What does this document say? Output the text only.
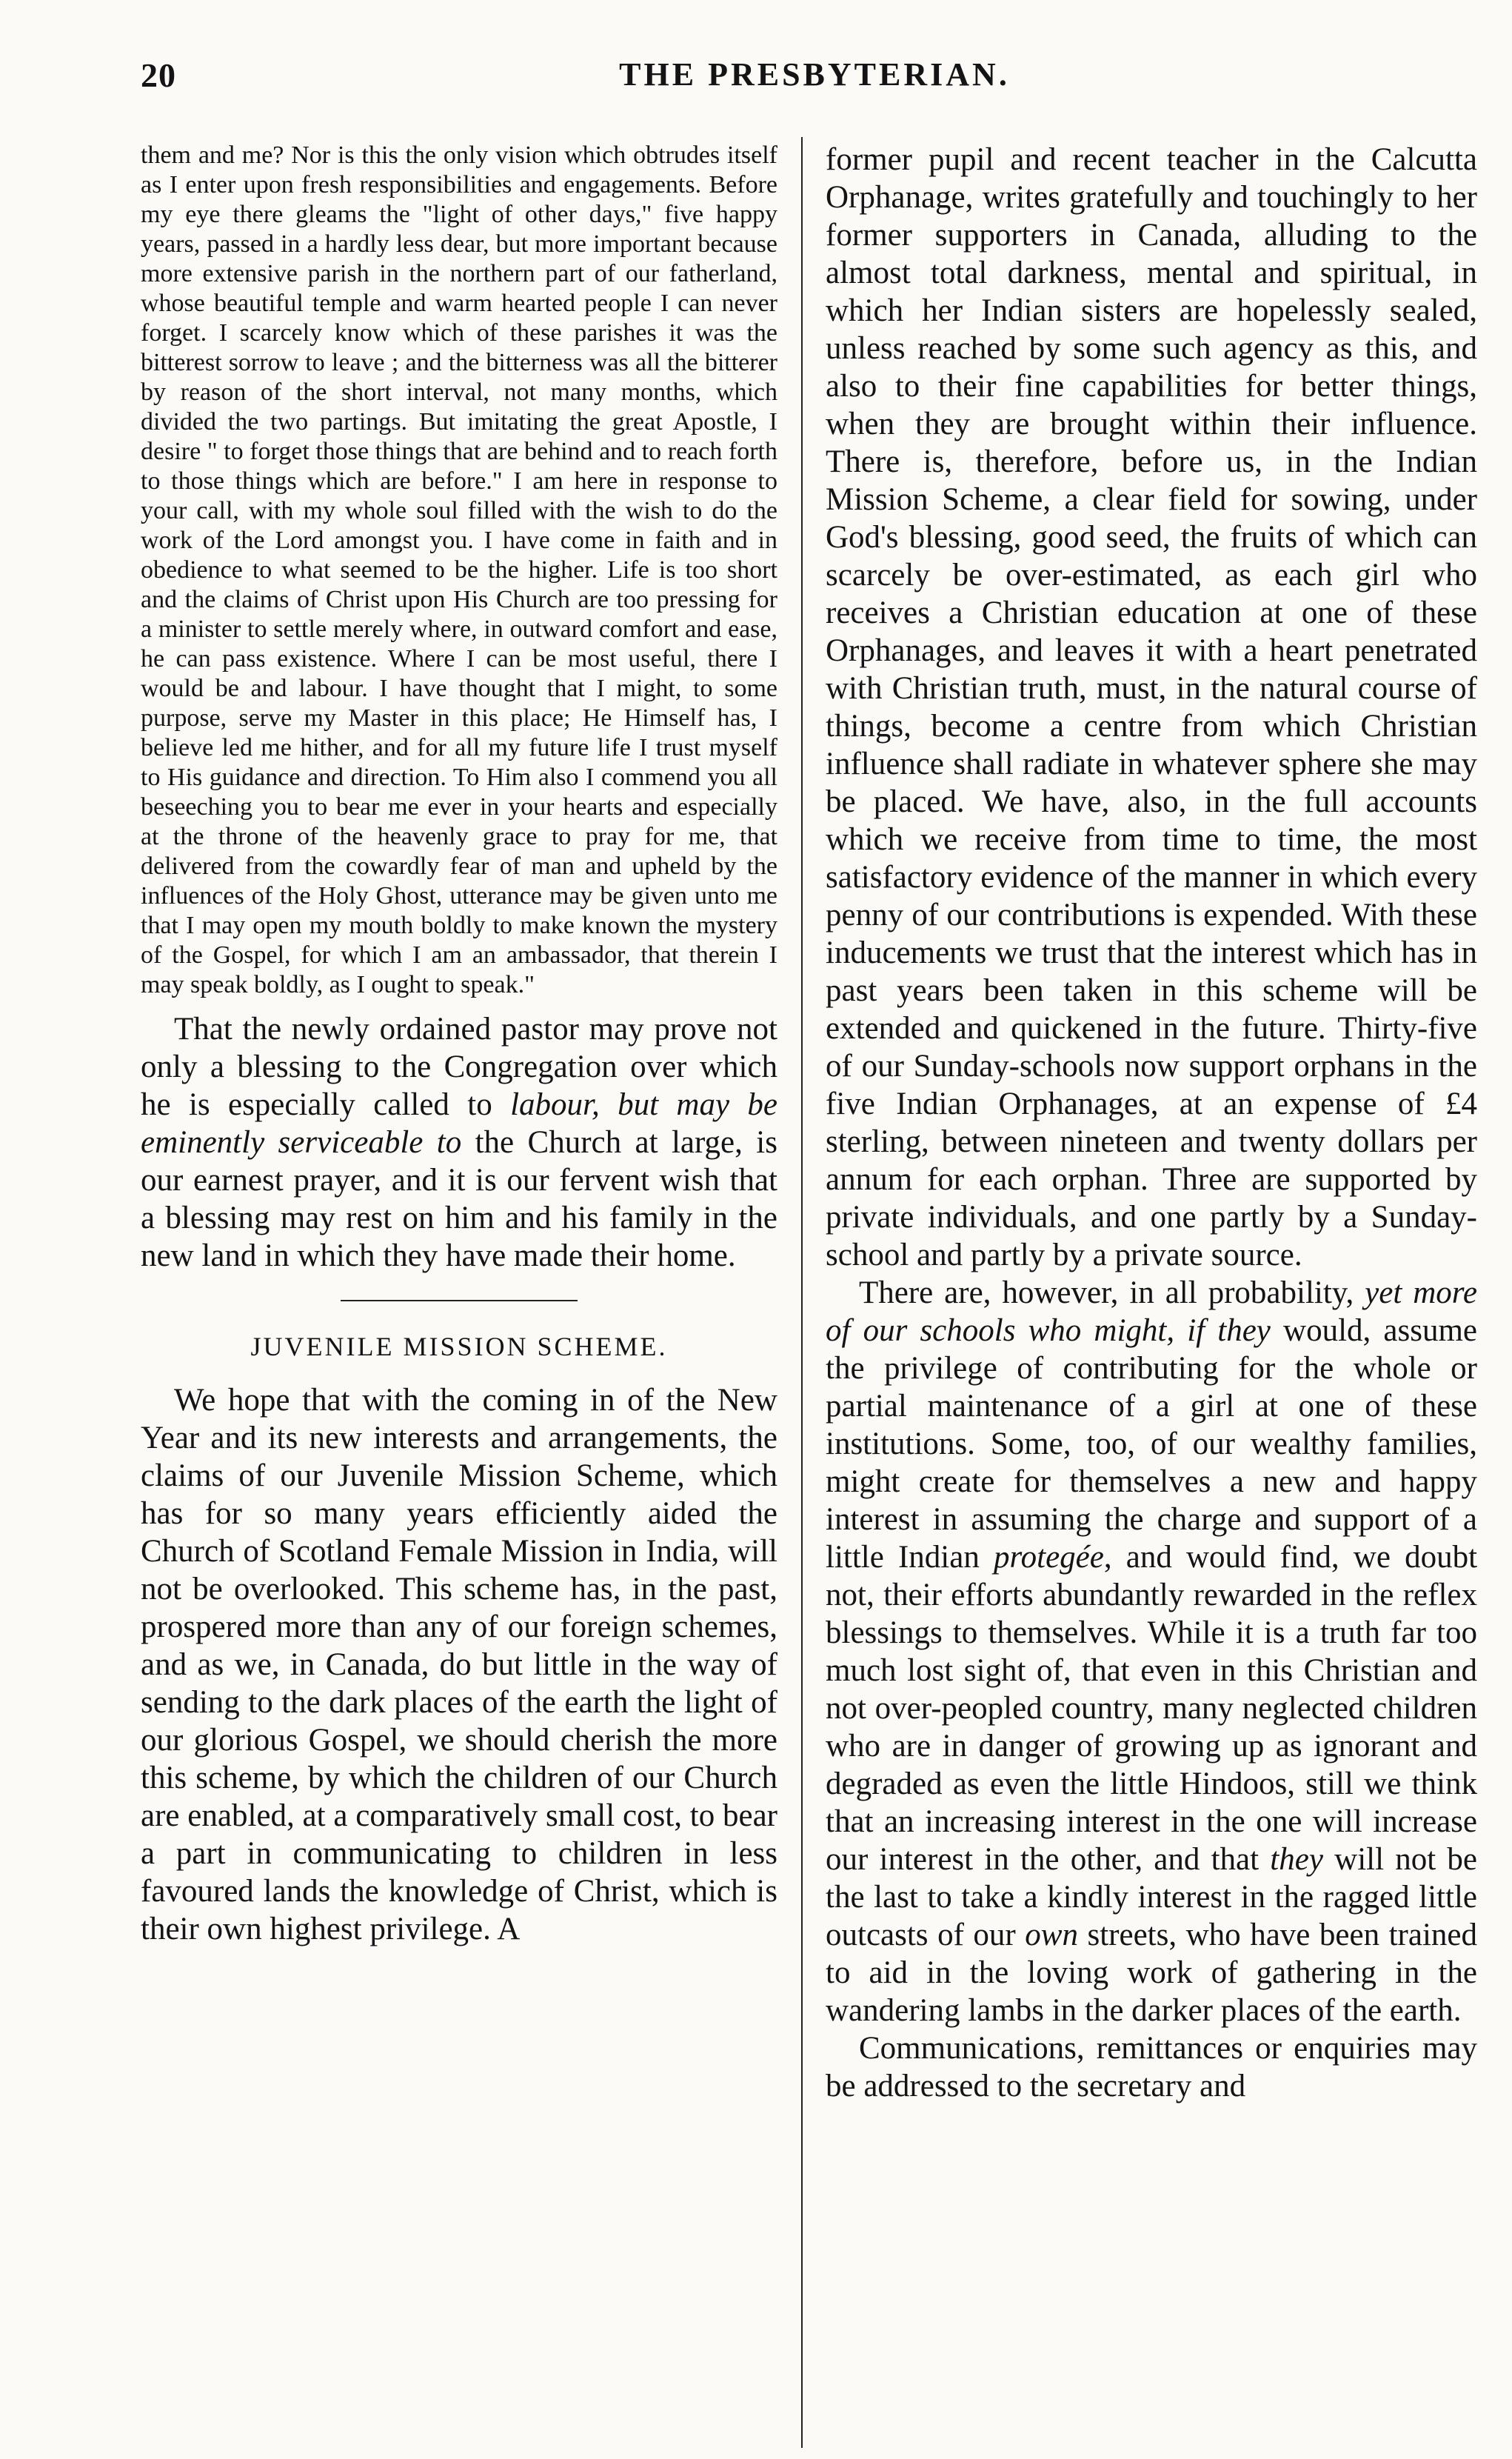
20	THE PRESBYTERIAN.

them and me? Nor is this the only vision which obtrudes itself as I enter upon fresh responsibilities and engagements. Before my eye there gleams the "light of other days," five happy years, passed in a hardly less dear, but more important because more extensive parish in the northern part of our fatherland, whose beautiful temple and warm hearted people I can never forget. I scarcely know which of these parishes it was the bitterest sorrow to leave ; and the bitterness was all the bitterer by reason of the short interval, not many months, which divided the two partings. But imitating the great Apostle, I desire " to forget those things that are behind and to reach forth to those things which are before." I am here in response to your call, with my whole soul filled with the wish to do the work of the Lord amongst you. I have come in faith and in obedience to what seemed to be the higher. Life is too short and the claims of Christ upon His Church are too pressing for a minister to settle merely where, in outward comfort and ease, he can pass existence. Where I can be most useful, there I would be and labour. I have thought that I might, to some purpose, serve my Master in this place; He Himself has, I believe led me hither, and for all my future life I trust myself to His guidance and direction. To Him also I commend you all beseeching you to bear me ever in your hearts and especially at the throne of the heavenly grace to pray for me, that delivered from the cowardly fear of man and upheld by the influences of the Holy Ghost, utterance may be given unto me that I may open my mouth boldly to make known the mystery of the Gospel, for which I am an ambassador, that therein I may speak boldly, as I ought to speak."

That the newly ordained pastor may prove not only a blessing to the Congregation over which he is especially called to labour, but may be eminently serviceable to the Church at large, is our earnest prayer, and it is our fervent wish that a blessing may rest on him and his family in the new land in which they have made their home.

JUVENILE MISSION SCHEME.

We hope that with the coming in of the New Year and its new interests and arrangements, the claims of our Juvenile Mission Scheme, which has for so many years efficiently aided the Church of Scotland Female Mission in India, will not be overlooked. This scheme has, in the past, prospered more than any of our foreign schemes, and as we, in Canada, do but little in the way of sending to the dark places of the earth the light of our glorious Gospel, we should cherish the more this scheme, by which the children of our Church are enabled, at a comparatively small cost, to bear a part in communicating to children in less favoured lands the knowledge of Christ, which is their own highest privilege. A

former pupil and recent teacher in the Calcutta Orphanage, writes gratefully and touchingly to her former supporters in Canada, alluding to the almost total darkness, mental and spiritual, in which her Indian sisters are hopelessly sealed, unless reached by some such agency as this, and also to their fine capabilities for better things, when they are brought within their influence. There is, therefore, before us, in the Indian Mission Scheme, a clear field for sowing, under God's blessing, good seed, the fruits of which can scarcely be over-estimated, as each girl who receives a Christian education at one of these Orphanages, and leaves it with a heart penetrated with Christian truth, must, in the natural course of things, become a centre from which Christian influence shall radiate in whatever sphere she may be placed. We have, also, in the full accounts which we receive from time to time, the most satisfactory evidence of the manner in which every penny of our contributions is expended. With these inducements we trust that the interest which has in past years been taken in this scheme will be extended and quickened in the future. Thirty-five of our Sunday-schools now support orphans in the five Indian Orphanages, at an expense of £4 sterling, between nineteen and twenty dollars per annum for each orphan. Three are supported by private individuals, and one partly by a Sunday-school and partly by a private source.

There are, however, in all probability, yet more of our schools who might, if they would, assume the privilege of contributing for the whole or partial maintenance of a girl at one of these institutions. Some, too, of our wealthy families, might create for themselves a new and happy interest in assuming the charge and support of a little Indian protegée, and would find, we doubt not, their efforts abundantly rewarded in the reflex blessings to themselves. While it is a truth far too much lost sight of, that even in this Christian and not over-peopled country, many neglected children who are in danger of growing up as ignorant and degraded as even the little Hindoos, still we think that an increasing interest in the one will increase our interest in the other, and that they will not be the last to take a kindly interest in the ragged little outcasts of our own streets, who have been trained to aid in the loving work of gathering in the wandering lambs in the darker places of the earth.

Communications, remittances or enquiries may be addressed to the secretary and
